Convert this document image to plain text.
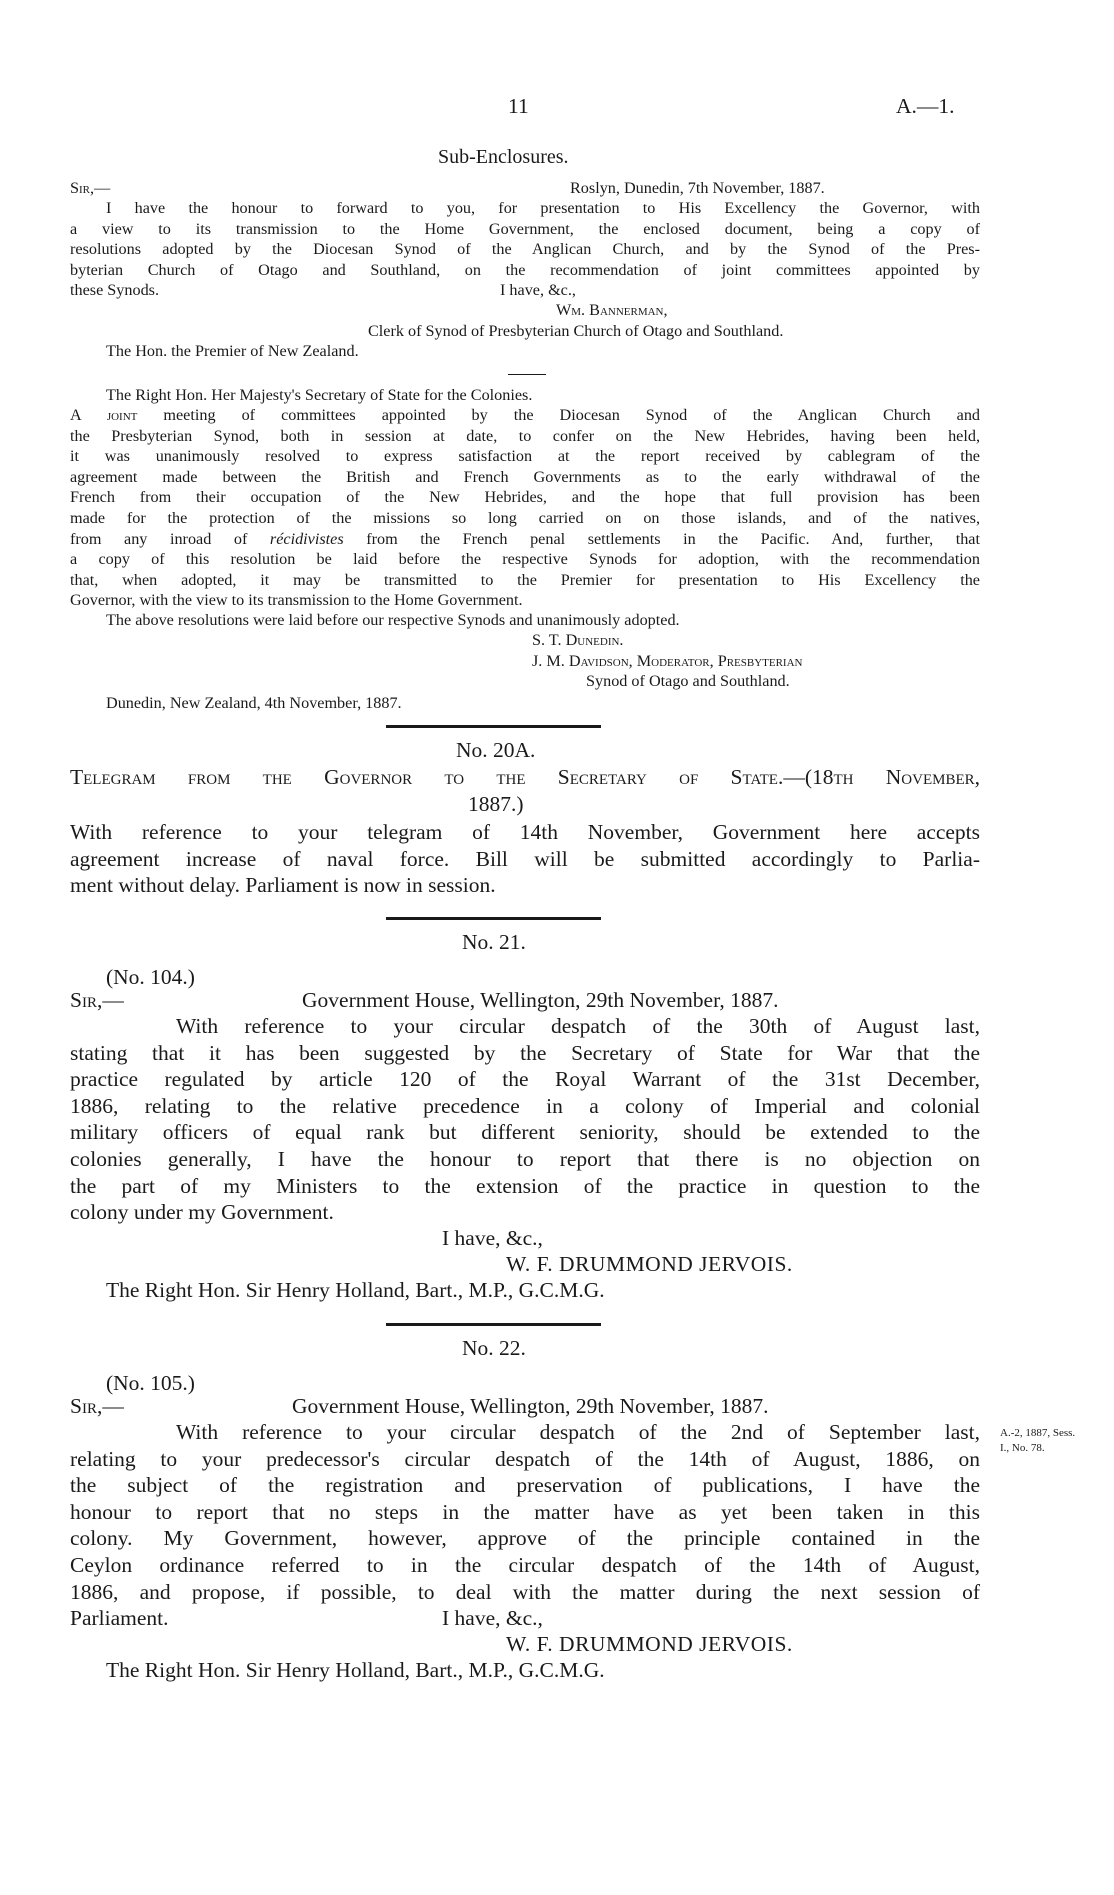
11	A.—1.
Sub-Enclosures.
Sir,—	Roslyn, Dunedin, 7th November, 1887.
I have the honour to forward to you, for presentation to His Excellency the Governor, with
a view to its transmission to the Home Government, the enclosed document, being a copy of
resolutions adopted by the Diocesan Synod of the Anglican Church, and by the Synod of the Pres-
byterian Church of Otago and Southland, on the recommendation of joint committees appointed by
these Synods.	I have, &c.,
Wm. Bannerman,
Clerk of Synod of Presbyterian Church of Otago and Southland.
The Hon. the Premier of New Zealand.
The Right Hon. Her Majesty's Secretary of State for the Colonies.
A joint meeting of committees appointed by the Diocesan Synod of the Anglican Church and
the Presbyterian Synod, both in session at date, to confer on the New Hebrides, having been held,
it was unanimously resolved to express satisfaction at the report received by cablegram of the
agreement made between the British and French Governments as to the early withdrawal of the
French from their occupation of the New Hebrides, and the hope that full provision has been
made for the protection of the missions so long carried on on those islands, and of the natives,
from any inroad of récidivistes from the French penal settlements in the Pacific. And, further, that
a copy of this resolution be laid before the respective Synods for adoption, with the recommendation
that, when adopted, it may be transmitted to the Premier for presentation to His Excellency the
Governor, with the view to its transmission to the Home Government.
The above resolutions were laid before our respective Synods and unanimously adopted.
S. T. Dunedin.
J. M. Davidson, Moderator, Presbyterian
Synod of Otago and Southland.
Dunedin, New Zealand, 4th November, 1887.
No. 20A.
Telegram from the Governor to the Secretary of State.—(18th November,
1887.)
With reference to your telegram of 14th November, Government here accepts
agreement increase of naval force. Bill will be submitted accordingly to Parlia-
ment without delay. Parliament is now in session.
No. 21.
(No. 104.)
Sir,—	Government House, Wellington, 29th November, 1887.
With reference to your circular despatch of the 30th of August last,
stating that it has been suggested by the Secretary of State for War that the
practice regulated by article 120 of the Royal Warrant of the 31st December,
1886, relating to the relative precedence in a colony of Imperial and colonial
military officers of equal rank but different seniority, should be extended to the
colonies generally, I have the honour to report that there is no objection on
the part of my Ministers to the extension of the practice in question to the
colony under my Government.
I have, &c.,
W. F. DRUMMOND JERVOIS.
The Right Hon. Sir Henry Holland, Bart., M.P., G.C.M.G.
No. 22.
(No. 105.)
Sir,—	Government House, Wellington, 29th November, 1887.
With reference to your circular despatch of the 2nd of September last,
relating to your predecessor's circular despatch of the 14th of August, 1886, on
the subject of the registration and preservation of publications, I have the
honour to report that no steps in the matter have as yet been taken in this
colony. My Government, however, approve of the principle contained in the
Ceylon ordinance referred to in the circular despatch of the 14th of August,
1886, and propose, if possible, to deal with the matter during the next session of
Parliament.	I have, &c.,
W. F. DRUMMOND JERVOIS.
The Right Hon. Sir Henry Holland, Bart., M.P., G.C.M.G.
A.-2, 1887, Sess.
I., No. 78.
